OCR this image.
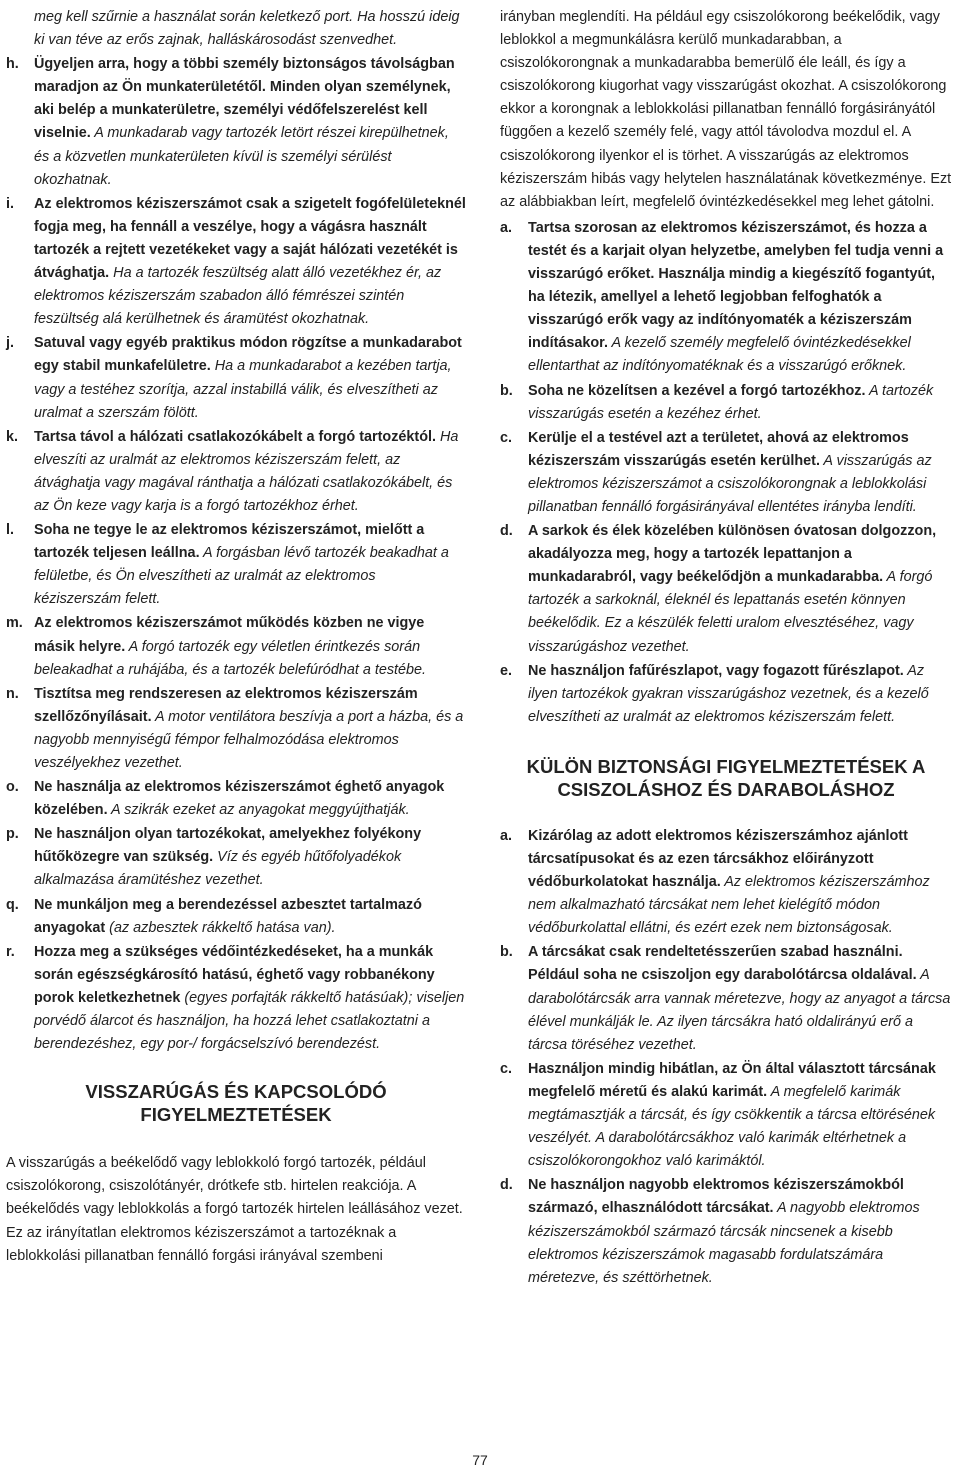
meg kell szűrnie a használat során keletkező port. Ha hosszú ideig ki van téve az erős zajnak, halláskárosodást szenvedhet.

h.	Ügyeljen arra, hogy a többi személy biztonságos távolságban maradjon az Ön munkaterületétől. Minden olyan személynek, aki belép a munkaterületre, személyi védőfelszerelést kell viselnie. A munkadarab vagy tartozék letört részei kirepülhetnek, és a közvetlen munkaterületen kívül is személyi sérülést okozhatnak.
i.	Az elektromos kéziszerszámot csak a szigetelt fogófelületeknél fogja meg, ha fennáll a veszélye, hogy a vágásra használt tartozék a rejtett vezetékeket vagy a saját hálózati vezetékét is átvághatja. Ha a tartozék feszültség alatt álló vezetékhez ér, az elektromos kéziszerszám szabadon álló fémrészei szintén feszültség alá kerülhetnek és áramütést okozhatnak.
j.	Satuval vagy egyéb praktikus módon rögzítse a munkadarabot egy stabil munkafelületre. Ha a munkadarabot a kezében tartja, vagy a testéhez szorítja, azzal instabillá válik, és elveszítheti az uralmat a szerszám fölött.
k.	Tartsa távol a hálózati csatlakozókábelt a forgó tartozéktól. Ha elveszíti az uralmát az elektromos kéziszerszám felett, az átvághatja vagy magával ránthatja a hálózati csatlakozókábelt, és az Ön keze vagy karja is a forgó tartozékhoz érhet.
l.	Soha ne tegye le az elektromos kéziszerszámot, mielőtt a tartozék teljesen leállna. A forgásban lévő tartozék beakadhat a felületbe, és Ön elveszítheti az uralmát az elektromos kéziszerszám felett.
m. Az elektromos kéziszerszámot működés közben ne vigye másik helyre. A forgó tartozék egy véletlen érintkezés során beleakadhat a ruhájába, és a tartozék belefúródhat a testébe.
n.	Tisztítsa meg rendszeresen az elektromos kéziszerszám szellőzőnyílásait. A motor ventilátora beszívja a port a házba, és a nagyobb mennyiségű fémpor felhalmozódása elektromos veszélyekhez vezethet.
o.	Ne használja az elektromos kéziszerszámot éghető anyagok közelében. A szikrák ezeket az anyagokat meggyújthatják.
p.	Ne használjon olyan tartozékokat, amelyekhez folyékony hűtőközegre van szükség. Víz és egyéb hűtőfolyadékok alkalmazása áramütéshez vezethet.
q.	Ne munkáljon meg a berendezéssel azbesztet tartalmazó anyagokat (az azbesztek rákkeltő hatása van).
r.	Hozza meg a szükséges védőintézkedéseket, ha a munkák során egészségkárosító hatású, éghető vagy robbanékony porok keletkezhetnek (egyes porfajták rákkeltő hatásúak); viseljen porvédő álarcot és használjon, ha hozzá lehet csatlakoztatni a berendezéshez, egy por-/ forgácselszívó berendezést.

VISSZARÚGÁS ÉS KAPCSOLÓDÓ

FIGYELMEZTETÉSEK

A visszarúgás a beékelődő vagy leblokkoló forgó tartozék, például csiszolókorong, csiszolótányér, drótkefe stb. hirtelen reakciója. A beékelődés vagy leblokkolás a forgó tartozék hirtelen leállásához vezet. Ez az irányítatlan elektromos kéziszerszámot a tartozéknak a leblokkolási pillanatban fennálló forgási irányával szembeni

irányban meglendíti. Ha például egy csiszolókorong beékelődik, vagy leblokkol a megmunkálásra kerülő munkadarabban, a csiszolókorongnak a munkadarabba bemerülő éle leáll, és így a csiszolókorong kiugorhat vagy visszarúgást okozhat. A csiszolókorong ekkor a korongnak a leblokkolási pillanatban fennálló forgásirányától függően a kezelő személy felé, vagy attól távolodva mozdul el. A csiszolókorong ilyenkor el is törhet. A visszarúgás az elektromos kéziszerszám hibás vagy helytelen használatának következménye. Ezt az alábbiakban leírt, megfelelő óvintézkedésekkel meg lehet gátolni.

a.	Tartsa szorosan az elektromos kéziszerszámot, és hozza a testét és a karjait olyan helyzetbe, amelyben fel tudja venni a visszarúgó erőket. Használja mindig a kiegészítő fogantyút, ha létezik, amellyel a lehető legjobban felfoghatók a visszarúgó erők vagy az indítónyomaték a kéziszerszám indításakor. A kezelő személy megfelelő óvintézkedésekkel ellentarthat az indítónyomatéknak és a visszarúgó erőknek.
b.	Soha ne közelítsen a kezével a forgó tartozékhoz. A tartozék visszarúgás esetén a kezéhez érhet.
c.	Kerülje el a testével azt a területet, ahová az elektromos kéziszerszám visszarúgás esetén kerülhet. A visszarúgás az elektromos kéziszerszámot a csiszolókorongnak a leblokkolási pillanatban fennálló forgásirányával ellentétes irányba lendíti.
d.	A sarkok és élek közelében különösen óvatosan dolgozzon, akadályozza meg, hogy a tartozék lepattanjon a munkadarabról, vagy beékelődjön a munkadarabba. A forgó tartozék a sarkoknál, éleknél és lepattanás esetén könnyen beékelődik. Ez a készülék feletti uralom elvesztéséhez, vagy visszarúgáshoz vezethet.
e.	Ne használjon fafűrészlapot, vagy fogazott fűrészlapot. Az ilyen tartozékok gyakran visszarúgáshoz vezetnek, és a kezelő elveszítheti az uralmát az elektromos kéziszerszám felett.

KÜLÖN BIZTONSÁGI FIGYELMEZTETÉSEK A

CSISZOLÁSHOZ ÉS DARABOLÁSHOZ

a.	Kizárólag az adott elektromos kéziszerszámhoz ajánlott tárcsatípusokat és az ezen tárcsákhoz előirányzott védőburkolatokat használja. Az elektromos kéziszerszámhoz nem alkalmazható tárcsákat nem lehet kielégítő módon védőburkolattal ellátni, és ezért ezek nem biztonságosak.
b.	A tárcsákat csak rendeltetésszerűen szabad használni. Például soha ne csiszoljon egy darabolótárcsa oldalával. A darabolótárcsák arra vannak méretezve, hogy az anyagot a tárcsa élével munkálják le. Az ilyen tárcsákra ható oldalirányú erő a tárcsa töréséhez vezethet.
c.	Használjon mindig hibátlan, az Ön által választott tárcsának megfelelő méretű és alakú karimát. A megfelelő karimák megtámasztják a tárcsát, és így csökkentik a tárcsa eltörésének veszélyét. A darabolótárcsákhoz való karimák eltérhetnek a csiszolókorongokhoz való karimáktól.
d.	Ne használjon nagyobb elektromos kéziszerszámokból származó, elhasználódott tárcsákat. A nagyobb elektromos kéziszerszámokból származó tárcsák nincsenek a kisebb elektromos kéziszerszámok magasabb fordulatszámára méretezve, és széttörhetnek.
77
